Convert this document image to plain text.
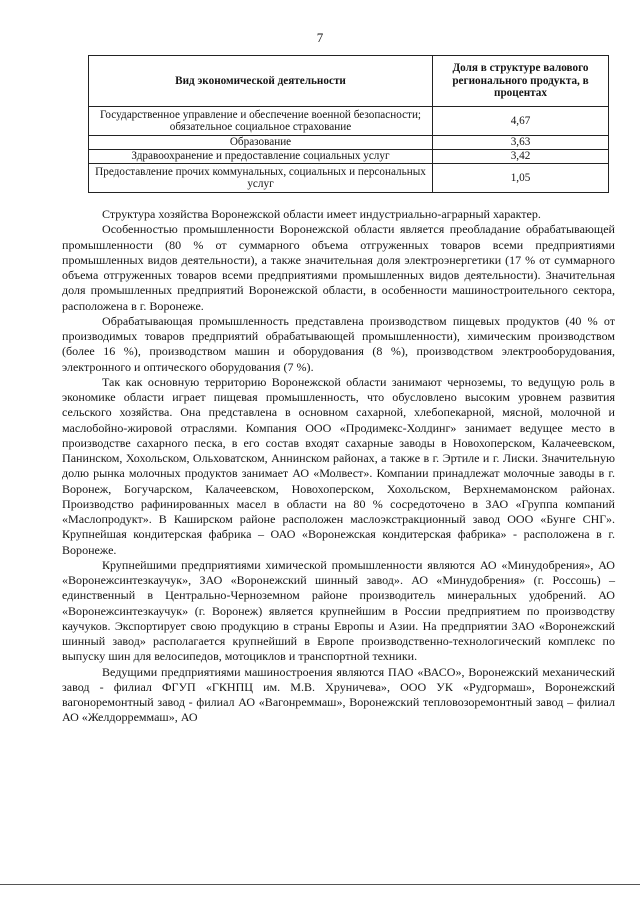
7
Вид экономической деятельности	Доля в структуре валового регионального продукта, в процентах
Государственное управление и обеспечение военной безопасности; обязательное социальное страхование	4,67
Образование	3,63
Здравоохранение и предоставление социальных услуг	3,42
Предоставление прочих коммунальных, социальных и персональных услуг	1,05

Структура хозяйства Воронежской области имеет индустриально-аграрный характер.

Особенностью промышленности Воронежской области является преобладание обрабатывающей промышленности (80 % от суммарного объема отгруженных товаров всеми предприятиями промышленных видов деятельности), а также значительная доля электроэнергетики (17 % от суммарного объема отгруженных товаров всеми предприятиями промышленных видов деятельности). Значительная доля промышленных предприятий Воронежской области, в особенности машиностроительного сектора, расположена в г. Воронеже.

Обрабатывающая промышленность представлена производством пищевых продуктов (40 % от производимых товаров предприятий обрабатывающей промышленности), химическим производством (более 16 %), производством машин и оборудования (8 %), производством электрооборудования, электронного и оптического оборудования (7 %).

Так как основную территорию Воронежской области занимают черноземы, то ведущую роль в экономике области играет пищевая промышленность, что обусловлено высоким уровнем развития сельского хозяйства. Она представлена в основном сахарной, хлебопекарной, мясной, молочной и маслобойно-жировой отраслями. Компания ООО «Продимекс-Холдинг» занимает ведущее место в производстве сахарного песка, в его состав входят сахарные заводы в Новохоперском, Калачеевском, Панинском, Хохольском, Ольховатском, Аннинском районах, а также в г. Эртиле и г. Лиски. Значительную долю рынка молочных продуктов занимает АО «Молвест». Компании принадлежат молочные заводы в г. Воронеж, Богучарском, Калачеевском, Новохоперском, Хохольском, Верхнемамонском районах. Производство рафинированных масел в области на 80 % сосредоточено в ЗАО «Группа компаний «Маслопродукт». В Каширском районе расположен маслоэкстракционный завод ООО «Бунге СНГ». Крупнейшая кондитерская фабрика – ОАО «Воронежская кондитерская фабрика» - расположена в г. Воронеже.

Крупнейшими предприятиями химической промышленности являются АО «Минудобрения», АО «Воронежсинтезкаучук», ЗАО «Воронежский шинный завод». АО «Минудобрения» (г. Россошь) – единственный в Центрально-Черноземном районе производитель минеральных удобрений. АО «Воронежсинтезкаучук» (г. Воронеж) является крупнейшим в России предприятием по производству каучуков. Экспортирует свою продукцию в страны Европы и Азии. На предприятии ЗАО «Воронежский шинный завод» располагается крупнейший в Европе производственно-технологический комплекс по выпуску шин для велосипедов, мотоциклов и транспортной техники.

Ведущими предприятиями машиностроения являются ПАО «ВАСО», Воронежский механический завод - филиал ФГУП «ГКНПЦ им. М.В. Хруничева», ООО УК «Рудгормаш», Воронежский вагоноремонтный завод - филиал АО «Вагонреммаш», Воронежский тепловозоремонтный завод – филиал АО «Желдорреммаш», АО
